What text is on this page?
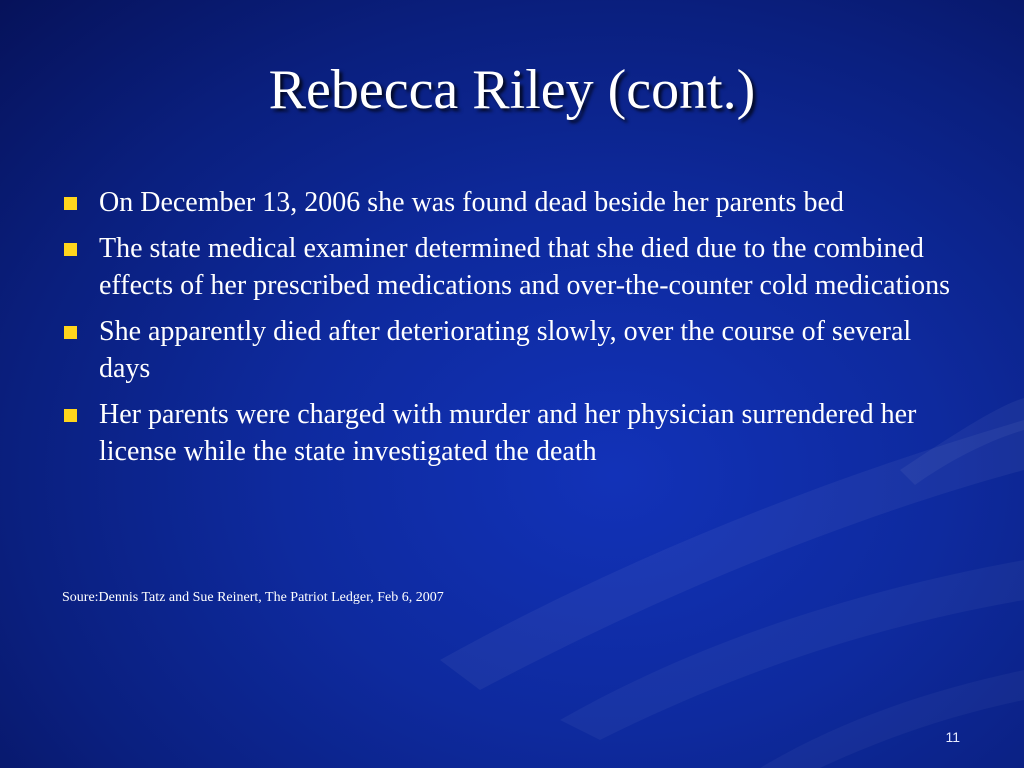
Rebecca Riley (cont.)
On December 13, 2006 she was found dead beside her parents bed
The state medical examiner determined that she died due to the combined effects of her prescribed medications and over-the-counter cold medications
She apparently died after deteriorating slowly, over the course of several days
Her parents were charged with murder and her physician surrendered her license while the state investigated the death
Soure:Dennis Tatz and Sue Reinert, The Patriot Ledger, Feb 6, 2007
11
